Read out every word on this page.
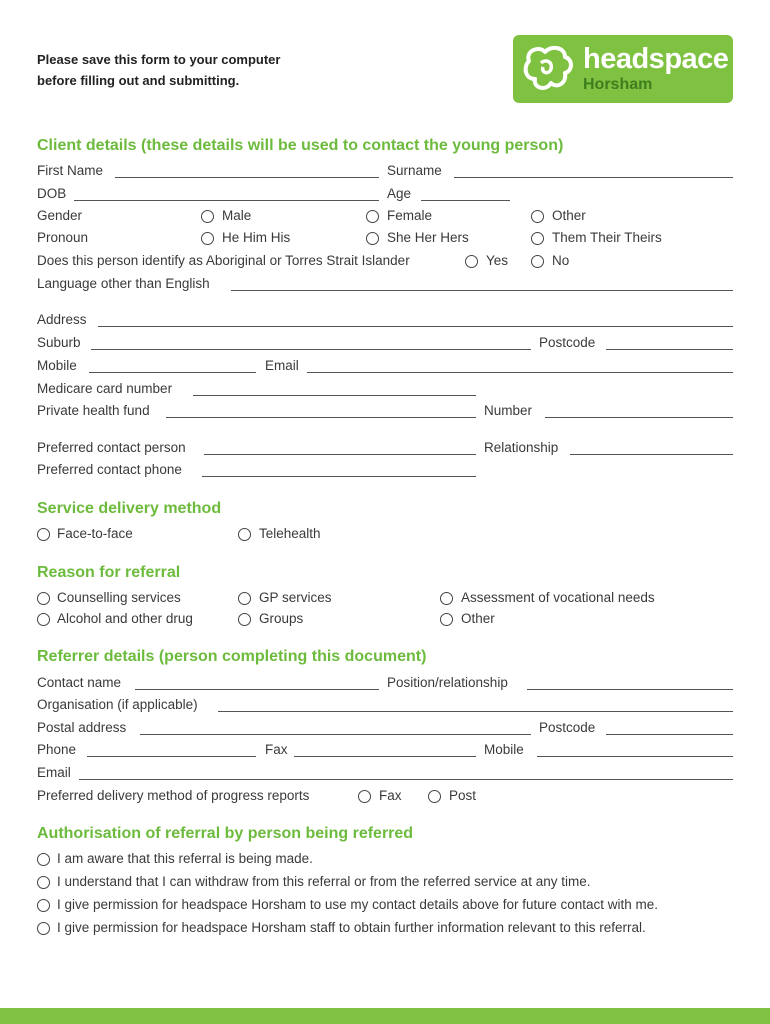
Please save this form to your computer
before filling out and submitting.
headspace
Horsham
Client details (these details will be used to contact the young person)
First Name	Surname
DOB	Age
Gender	Male	Female	Other
Pronoun	He Him His	She Her Hers	Them Their Theirs
Does this person identify as Aboriginal or Torres Strait Islander	Yes	No
Language other than English
Address
Suburb	Postcode
Mobile	Email
Medicare card number
Private health fund	Number
Preferred contact person	Relationship
Preferred contact phone
Service delivery method
Face-to-face	Telehealth
Reason for referral
Counselling services	GP services	Assessment of vocational needs
Alcohol and other drug	Groups	Other
Referrer details (person completing this document)
Contact name	Position/relationship
Organisation (if applicable)
Postal address	Postcode
Phone	Fax	Mobile
Email
Preferred delivery method of progress reports	Fax	Post
Authorisation of referral by person being referred
I am aware that this referral is being made.
I understand that I can withdraw from this referral or from the referred service at any time.
I give permission for headspace Horsham to use my contact details above for future contact with me.
I give permission for headspace Horsham staff to obtain further information relevant to this referral.
